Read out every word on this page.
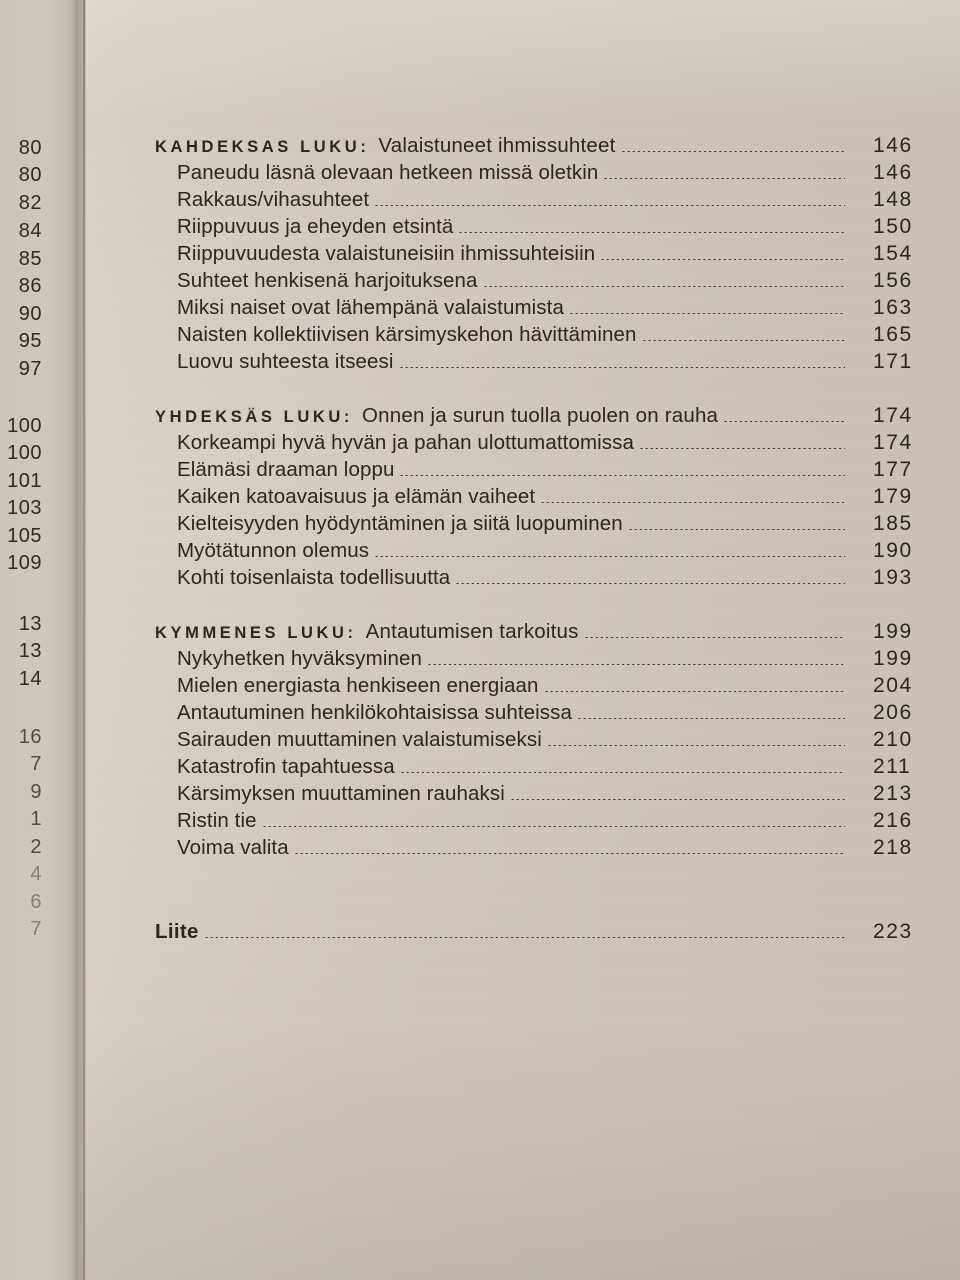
80
80
82
84
85
86
90
95
97
100
100
101
103
105
109
13
13
14
16
7
9
1
2
4
6
7
KAHDEKSAS LUKU: Valaistuneet ihmissuhteet	146
Paneudu läsnä olevaan hetkeen missä oletkin	146
Rakkaus/vihasuhteet	148
Riippuvuus ja eheyden etsintä	150
Riippuvuudesta valaistuneisiin ihmissuhteisiin	154
Suhteet henkisenä harjoituksena	156
Miksi naiset ovat lähempänä valaistumista	163
Naisten kollektiivisen kärsimyskehon hävittäminen	165
Luovu suhteesta itseesi	171
YHDEKSÄS LUKU: Onnen ja surun tuolla puolen on rauha	174
Korkeampi hyvä hyvän ja pahan ulottumattomissa	174
Elämäsi draaman loppu	177
Kaiken katoavaisuus ja elämän vaiheet	179
Kielteisyyden hyödyntäminen ja siitä luopuminen	185
Myötätunnon olemus	190
Kohti toisenlaista todellisuutta	193
KYMMENES LUKU: Antautumisen tarkoitus	199
Nykyhetken hyväksyminen	199
Mielen energiasta henkiseen energiaan	204
Antautuminen henkilökohtaisissa suhteissa	206
Sairauden muuttaminen valaistumiseksi	210
Katastrofin tapahtuessa	211
Kärsimyksen muuttaminen rauhaksi	213
Ristin tie	216
Voima valita	218
Liite	223
